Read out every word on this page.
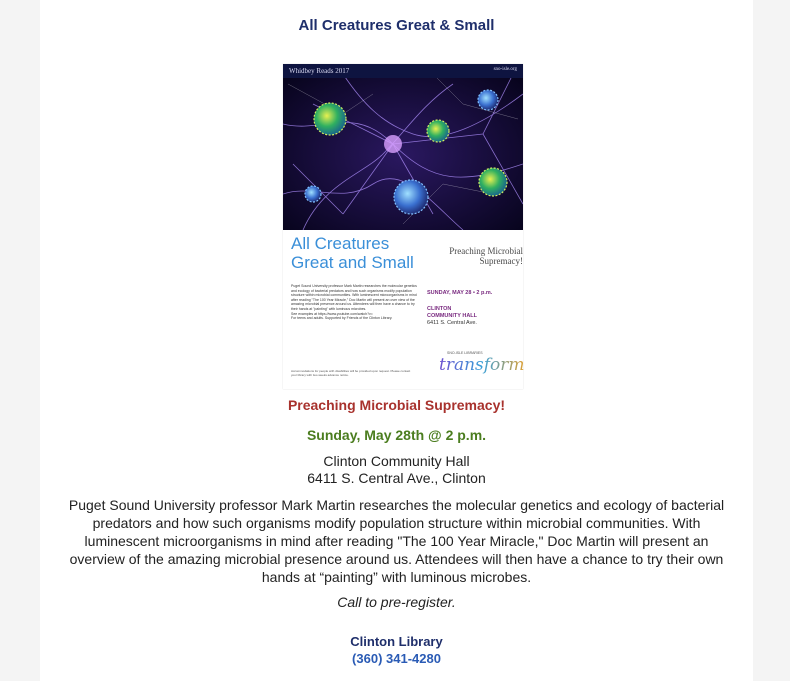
All Creatures Great & Small
Whidbey Reads 2017	sno-isle.org
All Creatures
Great and Small
Preaching Microbial
Supremacy!
Puget Sound University professor Mark Martin researches the molecular genetics and ecology of bacterial predators and how such organisms modify population structure within microbial communities. With luminescent microorganisms in mind after reading "The 100 Year Miracle," Doc Martin will present an over view of the amazing microbial presence around us. Attendees will then have a chance to try their hands at "painting" with luminous microbes.
See examples at https://www.youtube.com/watch?v=
For teens and adults. Supported by Friends of the Clinton Library.
SUNDAY, MAY 28 • 2 p.m.
CLINTON
COMMUNITY HALL
6411 S. Central Ave.
Accommodations for people with disabilities will be provided upon request. Please contact your library with two weeks advance notice.
SNO-ISLE LIBRARIES
transform
Preaching Microbial Supremacy!
Sunday, May 28th @ 2 p.m.
Clinton Community Hall
6411 S. Central Ave., Clinton
Puget Sound University professor Mark Martin researches the molecular genetics and ecology of bacterial predators and how such organisms modify population structure within microbial communities. With luminescent microorganisms in mind after reading "The 100 Year Miracle," Doc Martin will present an overview of the amazing microbial presence around us. Attendees will then have a chance to try their own hands at “painting” with luminous microbes.
Call to pre-register.
Clinton Library
(360) 341-4280
